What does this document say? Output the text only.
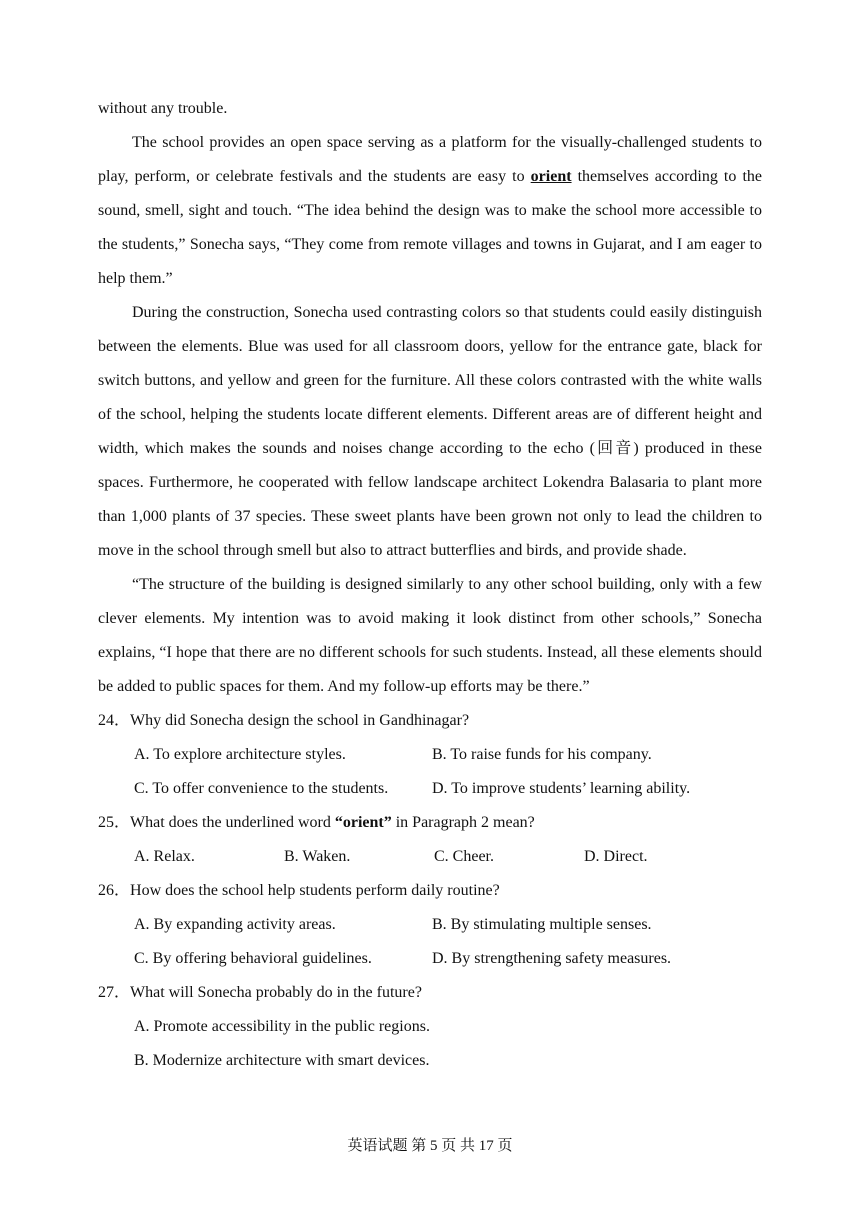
without any trouble.

The school provides an open space serving as a platform for the visually-challenged students to play, perform, or celebrate festivals and the students are easy to orient themselves according to the sound, smell, sight and touch. “The idea behind the design was to make the school more accessible to the students,” Sonecha says, “They come from remote villages and towns in Gujarat, and I am eager to help them.”

During the construction, Sonecha used contrasting colors so that students could easily distinguish between the elements. Blue was used for all classroom doors, yellow for the entrance gate, black for switch buttons, and yellow and green for the furniture. All these colors contrasted with the white walls of the school, helping the students locate different elements. Different areas are of different height and width, which makes the sounds and noises change according to the echo (回音) produced in these spaces. Furthermore, he cooperated with fellow landscape architect Lokendra Balasaria to plant more than 1,000 plants of 37 species. These sweet plants have been grown not only to lead the children to move in the school through smell but also to attract butterflies and birds, and provide shade.

“The structure of the building is designed similarly to any other school building, only with a few clever elements. My intention was to avoid making it look distinct from other schools,” Sonecha explains, “I hope that there are no different schools for such students. Instead, all these elements should be added to public spaces for them. And my follow-up efforts may be there.”

24．Why did Sonecha design the school in Gandhinagar?

A. To explore architecture styles.	B. To raise funds for his company.
C. To offer convenience to the students.	D. To improve students’ learning ability.

25．What does the underlined word “orient” in Paragraph 2 mean?

A. Relax.	B. Waken.	C. Cheer.	D. Direct.

26．How does the school help students perform daily routine?

A. By expanding activity areas.	B. By stimulating multiple senses.
C. By offering behavioral guidelines.	D. By strengthening safety measures.

27．What will Sonecha probably do in the future?

A. Promote accessibility in the public regions.
B. Modernize architecture with smart devices.
英语试题 第 5 页 共 17 页
